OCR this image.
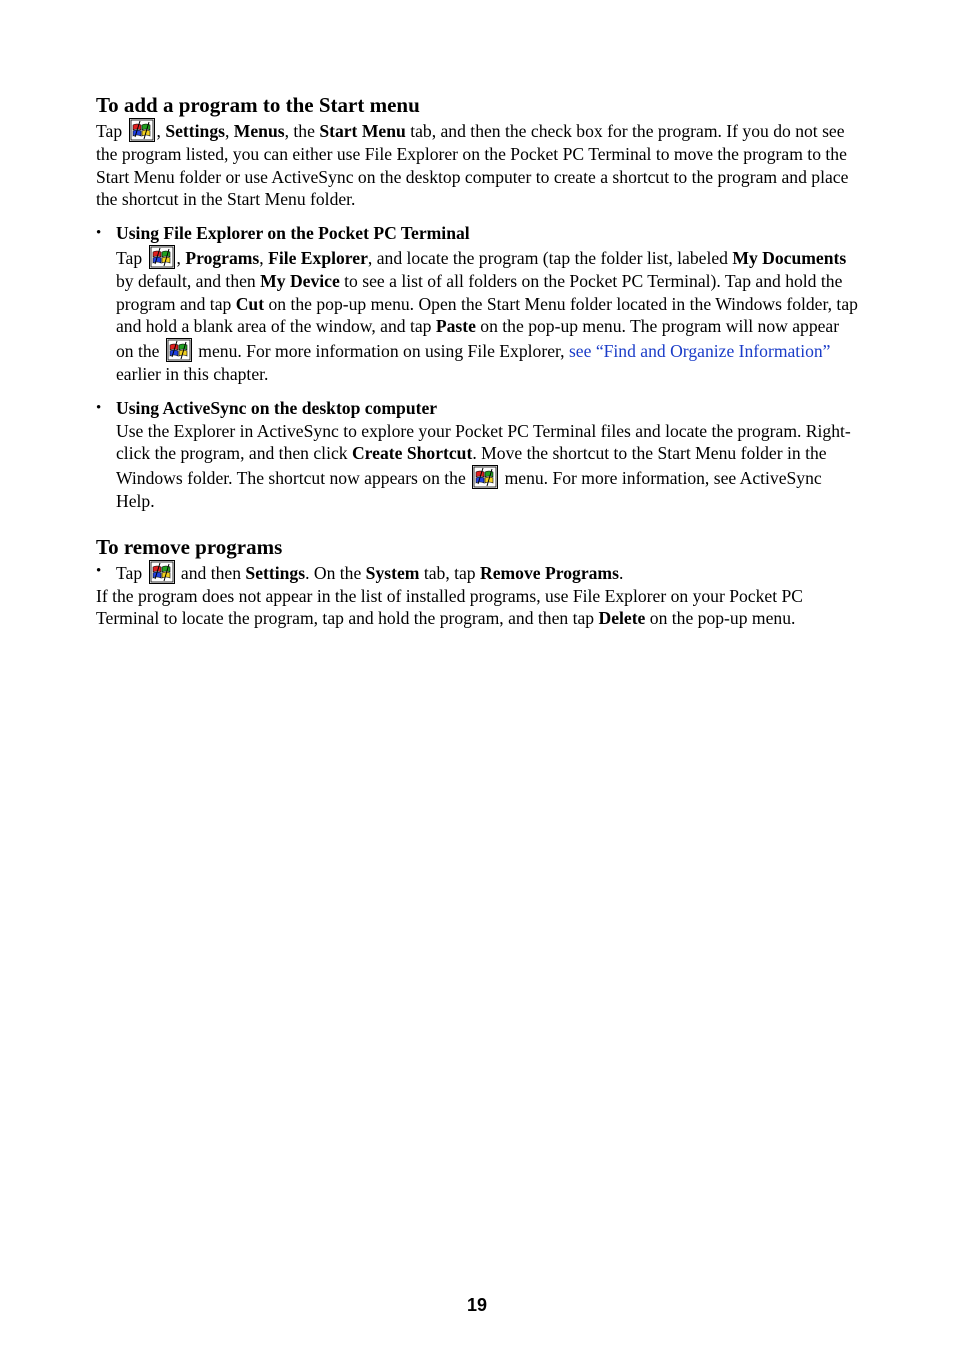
To add a program to the Start menu

Tap
, Settings, Menus, the Start Menu tab, and then the check box for the program. If you do not see the program listed, you can either use File Explorer on the Pocket PC Terminal to move the program to the Start Menu folder or use ActiveSync on the desktop computer to create a shortcut to the program and place the shortcut in the Start Menu folder.

• Using File Explorer on the Pocket PC Terminal
Tap
, Programs, File Explorer, and locate the program (tap the folder list, labeled My Documents by default, and then My Device to see a list of all folders on the Pocket PC Terminal). Tap and hold the program and tap Cut on the pop-up menu. Open the Start Menu folder located in the Windows folder, tap and hold a blank area of the window, and tap Paste on the pop-up menu. The program will now appear on the
menu. For more information on using File Explorer, see “Find and Organize Information” earlier in this chapter.
• Using ActiveSync on the desktop computer
Use the Explorer in ActiveSync to explore your Pocket PC Terminal files and locate the program. Right-click the program, and then click Create Shortcut. Move the shortcut to the Start Menu folder in the Windows folder. The shortcut now appears on the
menu. For more information, see ActiveSync Help.
To remove programs
• Tap
and then Settings. On the System tab, tap Remove Programs.

If the program does not appear in the list of installed programs, use File Explorer on your Pocket PC Terminal to locate the program, tap and hold the program, and then tap Delete on the pop-up menu.

19
